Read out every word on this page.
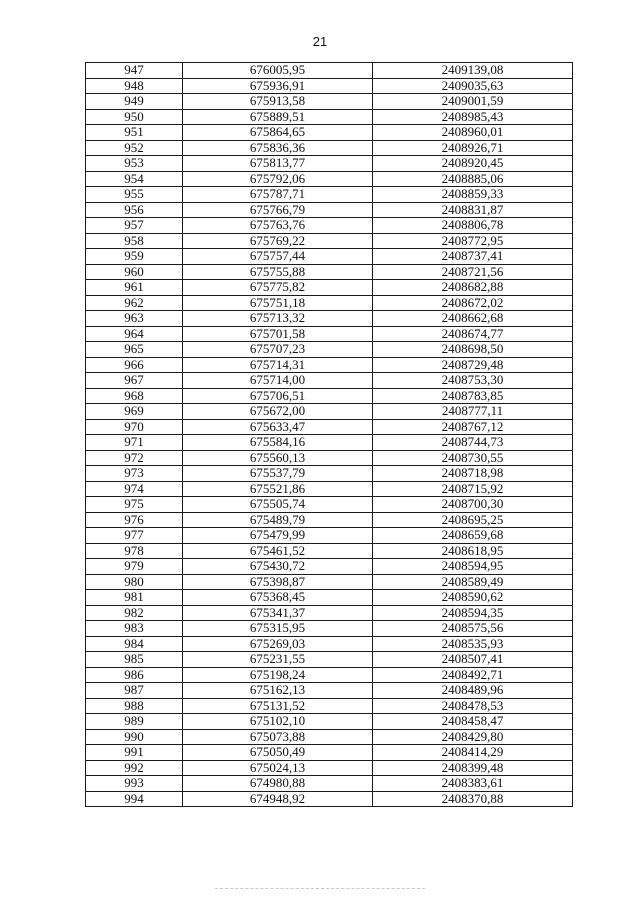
21
947	676005,95	2409139,08
948	675936,91	2409035,63
949	675913,58	2409001,59
950	675889,51	2408985,43
951	675864,65	2408960,01
952	675836,36	2408926,71
953	675813,77	2408920,45
954	675792,06	2408885,06
955	675787,71	2408859,33
956	675766,79	2408831,87
957	675763,76	2408806,78
958	675769,22	2408772,95
959	675757,44	2408737,41
960	675755,88	2408721,56
961	675775,82	2408682,88
962	675751,18	2408672,02
963	675713,32	2408662,68
964	675701,58	2408674,77
965	675707,23	2408698,50
966	675714,31	2408729,48
967	675714,00	2408753,30
968	675706,51	2408783,85
969	675672,00	2408777,11
970	675633,47	2408767,12
971	675584,16	2408744,73
972	675560,13	2408730,55
973	675537,79	2408718,98
974	675521,86	2408715,92
975	675505,74	2408700,30
976	675489,79	2408695,25
977	675479,99	2408659,68
978	675461,52	2408618,95
979	675430,72	2408594,95
980	675398,87	2408589,49
981	675368,45	2408590,62
982	675341,37	2408594,35
983	675315,95	2408575,56
984	675269,03	2408535,93
985	675231,55	2408507,41
986	675198,24	2408492,71
987	675162,13	2408489,96
988	675131,52	2408478,53
989	675102,10	2408458,47
990	675073,88	2408429,80
991	675050,49	2408414,29
992	675024,13	2408399,48
993	674980,88	2408383,61
994	674948,92	2408370,88
